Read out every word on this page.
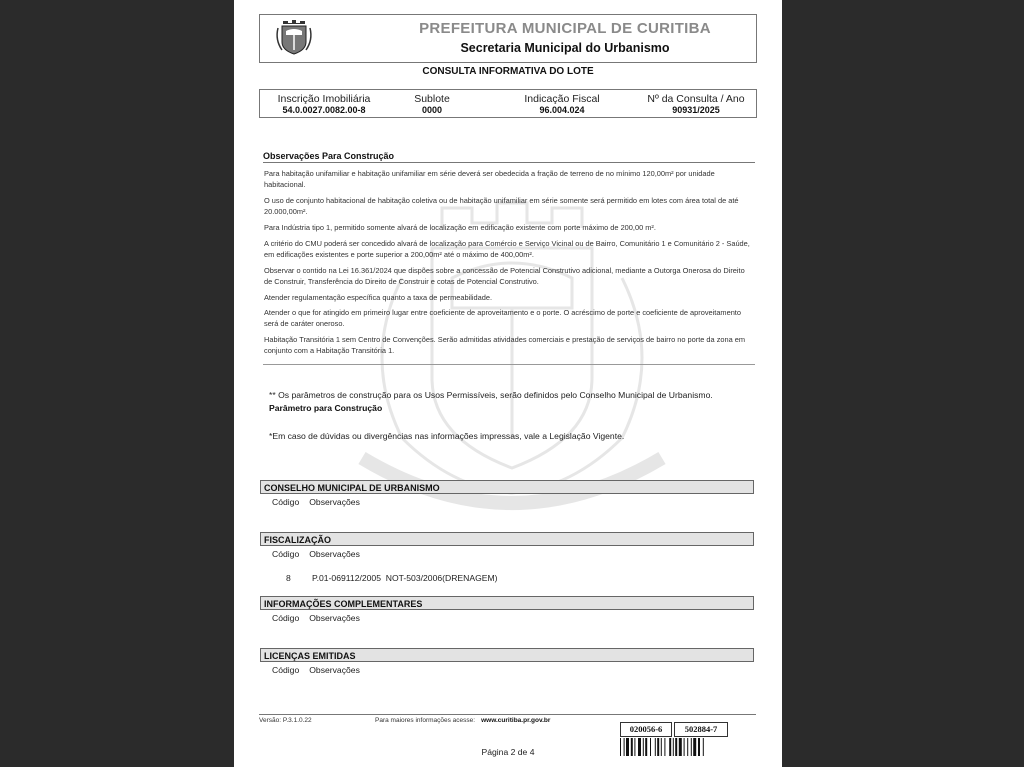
PREFEITURA MUNICIPAL DE CURITIBA
Secretaria Municipal do Urbanismo
CONSULTA INFORMATIVA DO LOTE
Inscrição Imobiliária
54.0.0027.0082.00-8
Sublote
0000
Indicação Fiscal
96.004.024
Nº da Consulta / Ano
90931/2025
Observações Para Construção

Para habitação unifamiliar e habitação unifamiliar em série deverá ser obedecida a fração de terreno de no mínimo 120,00m² por unidade habitacional.

O uso de conjunto habitacional de habitação coletiva ou de habitação unifamiliar em série somente será permitido em lotes com área total de até 20.000,00m².

Para Indústria tipo 1, permitido somente alvará de localização em edificação existente com porte máximo de 200,00 m².

A critério do CMU poderá ser concedido alvará de localização para Comércio e Serviço Vicinal ou de Bairro, Comunitário 1 e Comunitário 2 - Saúde, em edificações existentes e porte superior a 200,00m² até o máximo de 400,00m².

Observar o contido na Lei 16.361/2024 que dispões sobre a concessão de Potencial Construtivo adicional, mediante a Outorga Onerosa do Direito de Construir, Transferência do Direito de Construir e cotas de Potencial Construtivo.

Atender regulamentação específica quanto a taxa de permeabilidade.

Atender o que for atingido em primeiro lugar entre coeficiente de aproveitamento e o porte. O acréscimo de porte e coeficiente de aproveitamento será de caráter oneroso.

Habitação Transitória 1 sem Centro de Convenções. Serão admitidas atividades comerciais e prestação de serviços de bairro no porte da zona em conjunto com a Habitação Transitória 1.

** Os parâmetros de construção para os Usos Permissíveis, serão definidos pelo Conselho Municipal de Urbanismo.
Parâmetro para Construção
*Em caso de dúvidas ou divergências nas informações impressas, vale a Legislação Vigente.
CONSELHO MUNICIPAL DE URBANISMO
Código Observações
FISCALIZAÇÃO
Código Observações
8 P.01-069112/2005  NOT-503/2006(DRENAGEM)
INFORMAÇÕES COMPLEMENTARES
Código Observações
LICENÇAS EMITIDAS
Código Observações
Versão: P.3.1.0.22	Para maiores informações acesse: www.curitiba.pr.gov.br
020056-6	502884-7
Página 2 de 4
